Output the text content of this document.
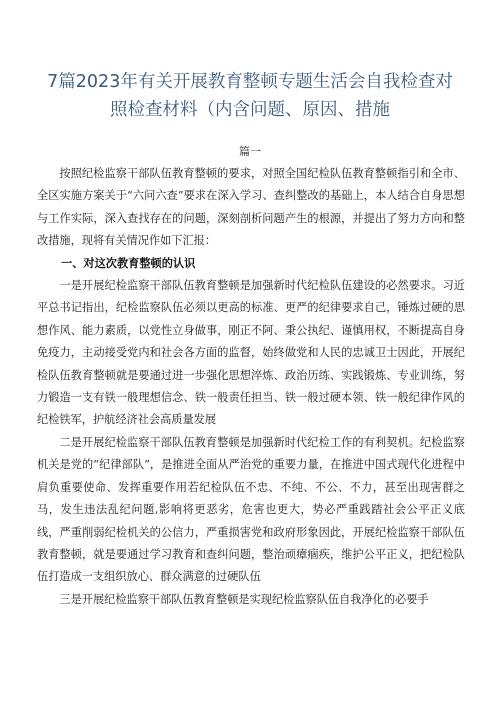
7篇2023年有关开展教育整顿专题生活会自我检查对照检查材料（内含问题、原因、措施
篇一

按照纪检监察干部队伍教育整顿的要求，对照全国纪检队伍教育整顿指引和全市、全区实施方案关于“六问六查”要求在深入学习、查纠整改的基础上，本人结合自身思想与工作实际，深入查找存在的问题，深刻剖析问题产生的根源，并提出了努力方向和整改措施，现将有关情况作如下汇报：

一、对这次教育整顿的认识

一是开展纪检监察干部队伍教育整顿是加强新时代纪检队伍建设的必然要求。习近平总书记指出，纪检监察队伍必须以更高的标准、更严的纪律要求自己，锤炼过硬的思想作风、能力素质，以党性立身做事，刚正不阿、秉公执纪、谨慎用权，不断提高自身免疫力，主动接受党内和社会各方面的监督，始终做党和人民的忠诚卫士因此，开展纪检队伍教育整顿就是要通过进一步强化思想淬炼、政治历练、实践锻炼、专业训练，努力锻造一支有铁一般理想信念、铁一般责任担当、铁一般过硬本领、铁一般纪律作风的纪检铁军，护航经济社会高质量发展

二是开展纪检监察干部队伍教育整顿是加强新时代纪检工作的有利契机。纪检监察机关是党的“纪律部队”，是推进全面从严治党的重要力量，在推进中国式现代化进程中肩负重要使命、发挥重要作用若纪检队伍不忠、不纯、不公、不力，甚至出现害群之马，发生违法乱纪问题,影响将更恶劣，危害也更大，势必严重践踏社会公平正义底线，严重削弱纪检机关的公信力，严重损害党和政府形象因此，开展纪检监察干部队伍教育整顿，就是要通过学习教育和查纠问题，整治顽瘴痼疾，维护公平正义，把纪检队伍打造成一支组织放心、群众满意的过硬队伍

三是开展纪检监察干部队伍教育整顿是实现纪检监察队伍自我净化的必要手
